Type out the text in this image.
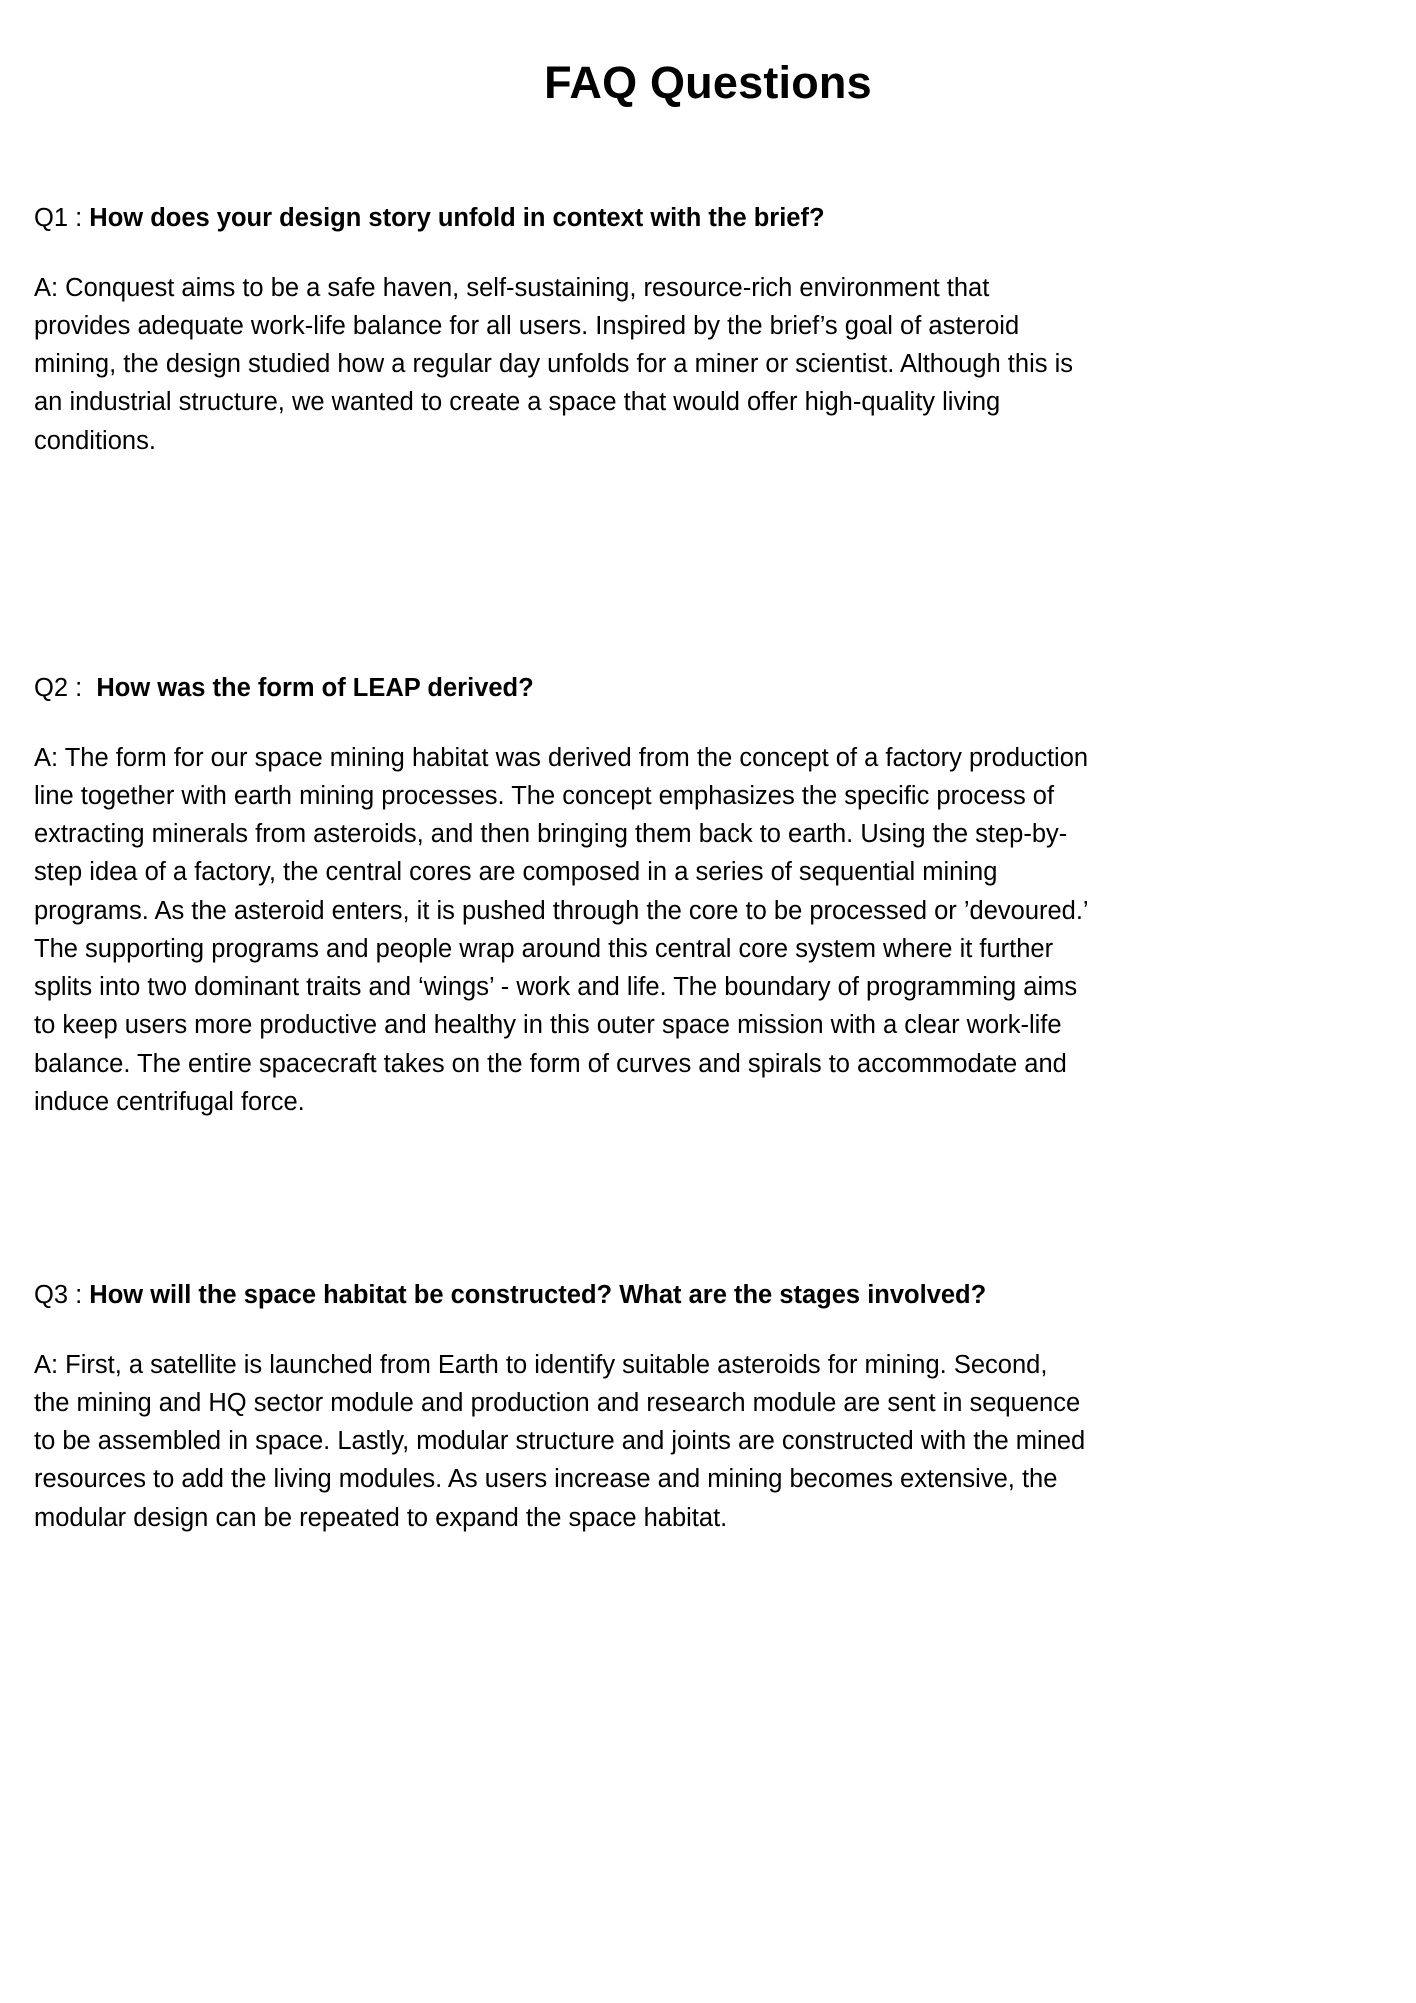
FAQ Questions

Q1 : How does your design story unfold in context with the brief?

A: Conquest aims to be a safe haven, self-sustaining, resource-rich environment that provides adequate work-life balance for all users. Inspired by the brief’s goal of asteroid mining, the design studied how a regular day unfolds for a miner or scientist. Although this is an industrial structure, we wanted to create a space that would offer high-quality living conditions.

Q2 :  How was the form of LEAP derived?

A: The form for our space mining habitat was derived from the concept of a factory production line together with earth mining processes. The concept emphasizes the specific process of extracting minerals from asteroids, and then bringing them back to earth. Using the step-by-step idea of a factory, the central cores are composed in a series of sequential mining programs. As the asteroid enters, it is pushed through the core to be processed or ’devoured.’ The supporting programs and people wrap around this central core system where it further splits into two dominant traits and ‘wings’ - work and life. The boundary of programming aims to keep users more productive and healthy in this outer space mission with a clear work-life balance. The entire spacecraft takes on the form of curves and spirals to accommodate and induce centrifugal force.

Q3 : How will the space habitat be constructed? What are the stages involved?

A: First, a satellite is launched from Earth to identify suitable asteroids for mining. Second, the mining and HQ sector module and production and research module are sent in sequence to be assembled in space. Lastly, modular structure and joints are constructed with the mined resources to add the living modules. As users increase and mining becomes extensive, the modular design can be repeated to expand the space habitat.
